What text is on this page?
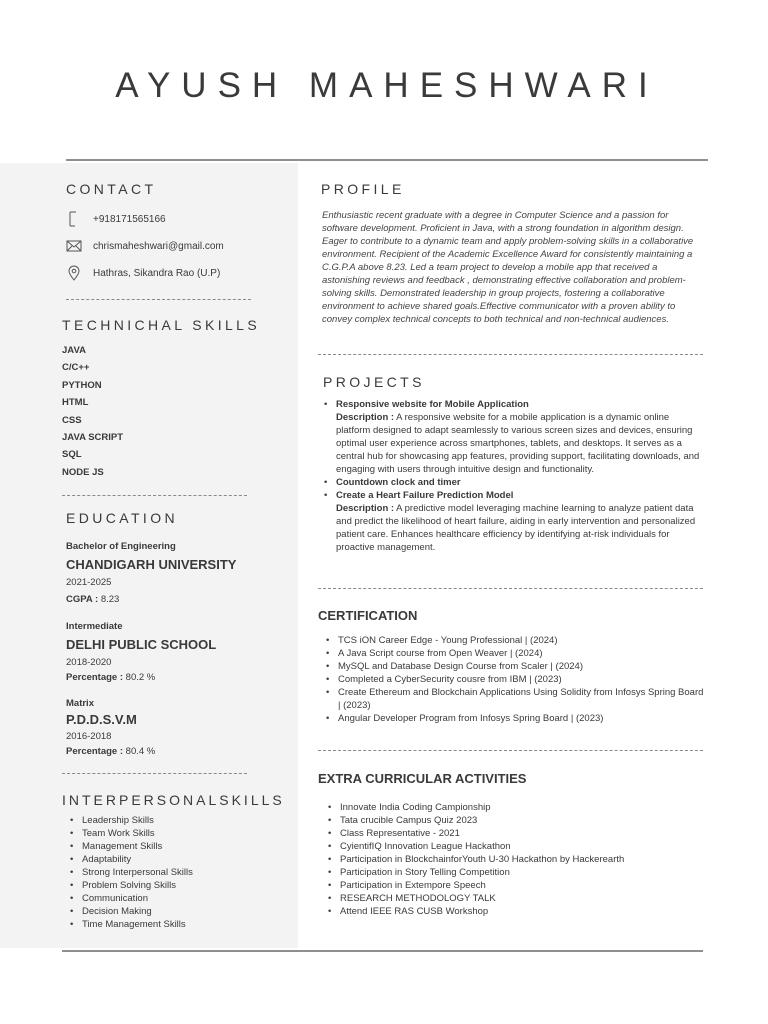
AYUSH MAHESHWARI
CONTACT
+918171565166
chrismaheshwari@gmail.com
Hathras, Sikandra Rao (U.P)
TECHNICHAL SKILLS
JAVA
C/C++
PYTHON
HTML
CSS
JAVA SCRIPT
SQL
NODE JS
EDUCATION
Bachelor of Engineering
CHANDIGARH UNIVERSITY
2021-2025
CGPA : 8.23
Intermediate
DELHI PUBLIC SCHOOL
2018-2020
Percentage : 80.2 %
Matrix
P.D.D.S.V.M
2016-2018
Percentage : 80.4 %
INTERPERSONALSKILLS
• Leadership Skills
• Team Work Skills
• Management Skills
• Adaptability
• Strong Interpersonal Skills
• Problem Solving Skills
• Communication
• Decision Making
• Time Management Skills
PROFILE
Enthusiastic recent graduate with a degree in Computer Science and a passion for software development. Proficient in Java, with a strong foundation in algorithm design. Eager to contribute to a dynamic team and apply problem-solving skills in a collaborative environment. Recipient of the Academic Excellence Award for consistently maintaining a C.G.P.A above 8.23. Led a team project to develop a mobile app that received a astonishing reviews and feedback , demonstrating effective collaboration and problem-solving skills. Demonstrated leadership in group projects, fostering a collaborative environment to achieve shared goals.Effective communicator with a proven ability to convey complex technical concepts to both technical and non-technical audiences.
PROJECTS
• Responsive website for Mobile Application
Description : A responsive website for a mobile application is a dynamic online platform designed to adapt seamlessly to various screen sizes and devices, ensuring optimal user experience across smartphones, tablets, and desktops. It serves as a central hub for showcasing app features, providing support, facilitating downloads, and engaging with users through intuitive design and functionality.
• Countdown clock and timer
• Create a Heart Failure Prediction Model
Description : A predictive model leveraging machine learning to analyze patient data and predict the likelihood of heart failure, aiding in early intervention and personalized patient care. Enhances healthcare efficiency by identifying at-risk individuals for proactive management.
CERTIFICATION
• TCS iON Career Edge - Young Professional | (2024)
• A Java Script course from Open Weaver | (2024)
• MySQL and Database Design Course from Scaler | (2024)
• Completed a CyberSecurity cousre from IBM | (2023)
• Create Ethereum and Blockchain Applications Using Solidity from Infosys Spring Board | (2023)
• Angular Developer Program from Infosys Spring Board | (2023)
EXTRA CURRICULAR ACTIVITIES
• Innovate India Coding Campionship
• Tata crucible Campus Quiz 2023
• Class Representative - 2021
• CyientifIQ Innovation League Hackathon
• Participation in BlockchainforYouth U-30 Hackathon by Hackerearth
• Participation in Story Telling Competition
• Participation in Extempore Speech
• RESEARCH METHODOLOGY TALK
• Attend IEEE RAS CUSB Workshop
